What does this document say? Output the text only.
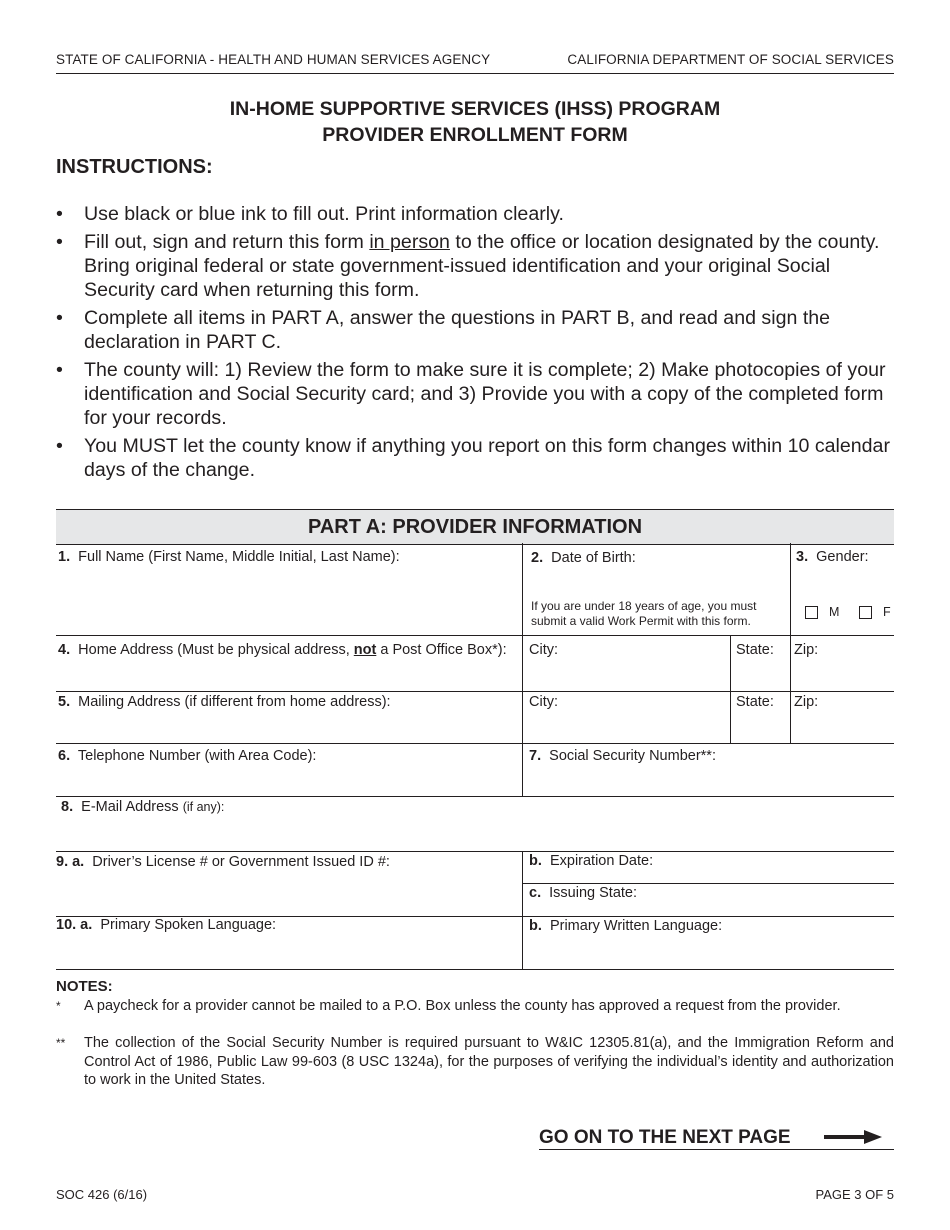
STATE OF CALIFORNIA - HEALTH AND HUMAN SERVICES AGENCY	CALIFORNIA DEPARTMENT OF SOCIAL SERVICES
IN-HOME SUPPORTIVE SERVICES (IHSS) PROGRAM
PROVIDER ENROLLMENT FORM
INSTRUCTIONS:
• Use black or blue ink to fill out. Print information clearly.
• Fill out, sign and return this form in person to the office or location designated by the county. Bring original federal or state government-issued identification and your original Social Security card when returning this form.
• Complete all items in PART A, answer the questions in PART B, and read and sign the declaration in PART C.
• The county will: 1) Review the form to make sure it is complete; 2) Make photocopies of your identification and Social Security card; and 3) Provide you with a copy of the completed form for your records.
• You MUST let the county know if anything you report on this form changes within 10 calendar days of the change.
PART A: PROVIDER INFORMATION
1. Full Name (First Name, Middle Initial, Last Name):	2. Date of Birth:
If you are under 18 years of age, you must submit a valid Work Permit with this form.
3. Gender:
M	F
4. Home Address (Must be physical address, not a Post Office Box*): City:	State: Zip:
5. Mailing Address (if different from home address):	City:	State: Zip:
6. Telephone Number (with Area Code):	7. Social Security Number**:
8. E-Mail Address (if any):
9. a. Driver’s License # or Government Issued ID #:	b. Expiration Date:
c. Issuing State:
10. a. Primary Spoken Language:	b. Primary Written Language:
NOTES:
* A paycheck for a provider cannot be mailed to a P.O. Box unless the county has approved a request from the provider.
** The collection of the Social Security Number is required pursuant to W&IC 12305.81(a), and the Immigration Reform and Control Act of 1986, Public Law 99-603 (8 USC 1324a), for the purposes of verifying the individual’s identity and authorization to work in the United States.
GO ON TO THE NEXT PAGE
SOC 426 (6/16)	PAGE 3 OF 5
